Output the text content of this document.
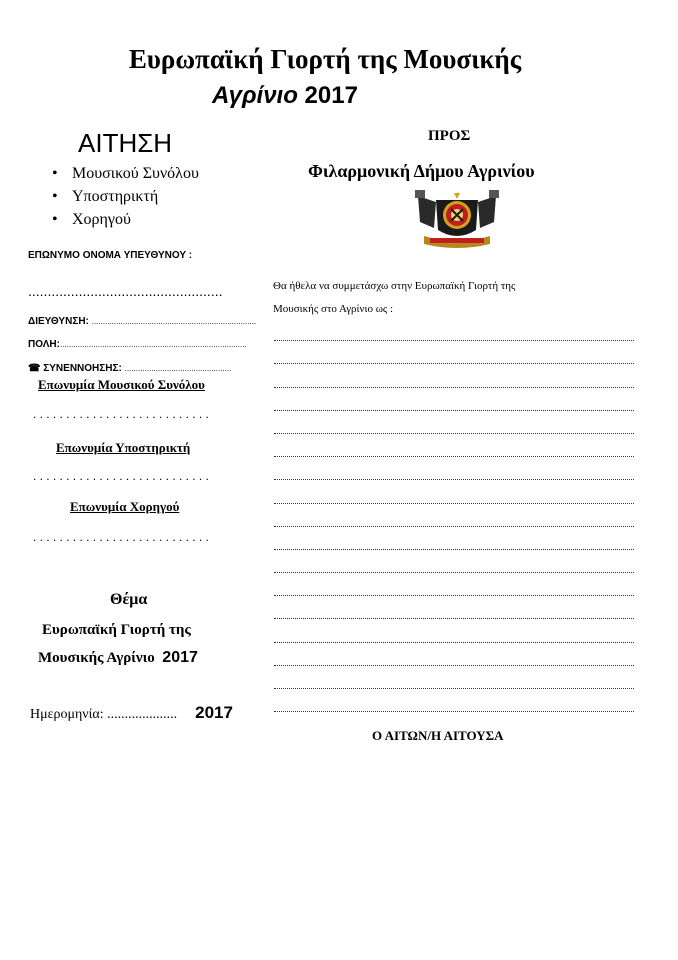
Ευρωπαϊκή Γιορτή της Μουσικής
Αγρίνιο 2017
ΑΙΤΗΣΗ
• Μουσικού Συνόλου
• Υποστηρικτή
• Χορηγού
ΠΡΟΣ
Φιλαρμονική Δήμου Αγρινίου
ΕΠΩΝΥΜΟ ΟΝΟΜΑ ΥΠΕΥΘΥΝΟΥ :
..................................................
ΔΙΕΥΘΥΝΣΗ: ..........................................................................
ΠΟΛΗ:....................................................................................
☎ ΣΥΝΕΝΝΟΗΣΗΣ: ................................................
Επωνυμία Μουσικού Συνόλου
...........................
Επωνυμία Υποστηρικτή
...........................
Επωνυμία Χορηγού
...........................
Θέμα
Ευρωπαϊκή Γιορτή της
Μουσικής Αγρίνιο 2017
Ημερομηνία: .................... 2017
Θα ήθελα να συμμετάσχω στην Ευρωπαϊκή Γιορτή της
Μουσικής στο Αγρίνιο ως :
Ο ΑΙΤΩΝ/Η ΑΙΤΟΥΣΑ
